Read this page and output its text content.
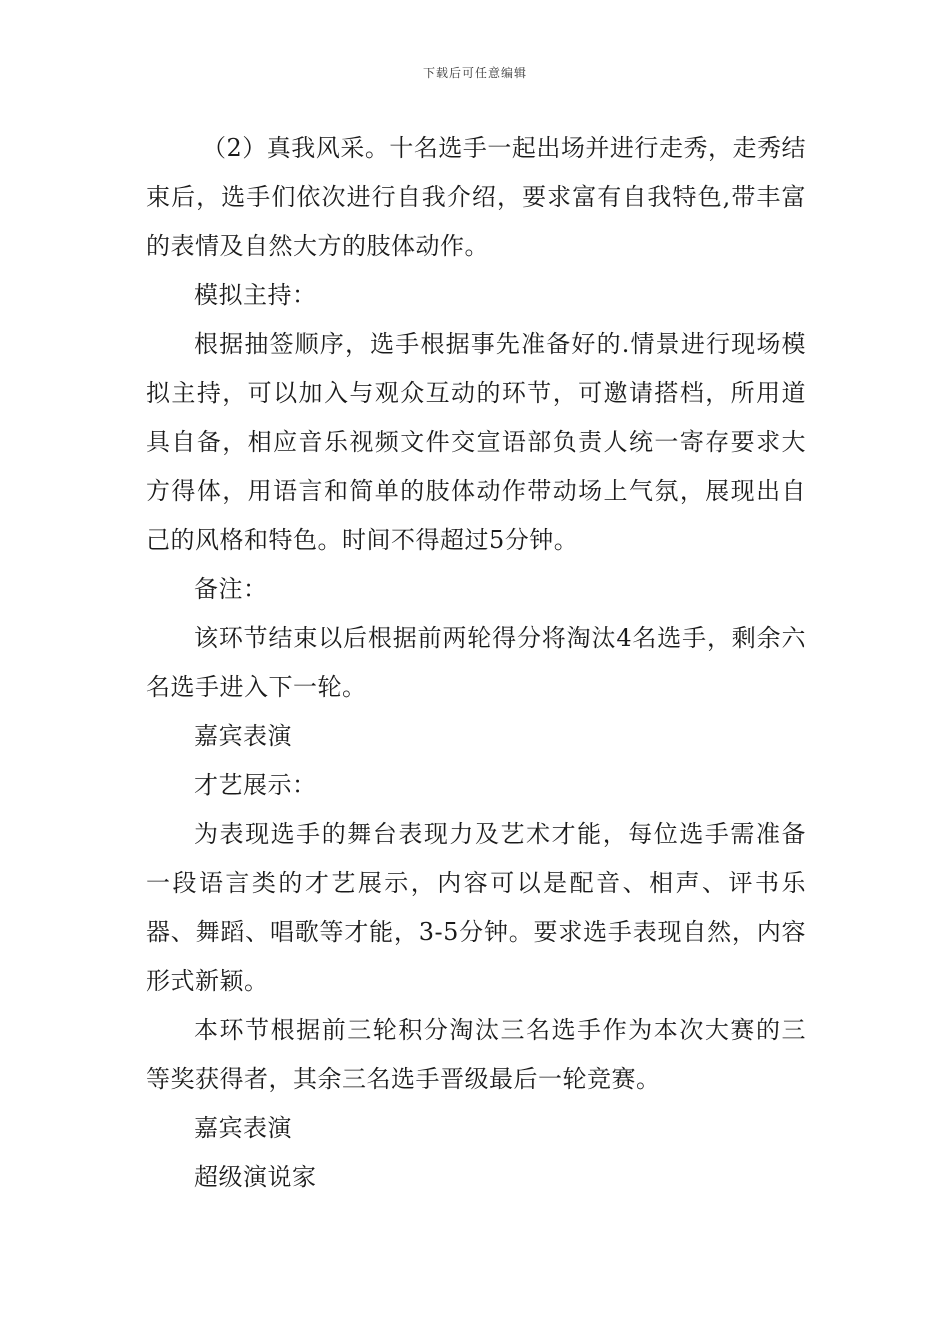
下载后可任意编辑

（2）真我风采。十名选手一起出场并进行走秀，走秀结束后，选手们依次进行自我介绍，要求富有自我特色,带丰富的表情及自然大方的肢体动作。

模拟主持：

根据抽签顺序，选手根据事先准备好的.情景进行现场模拟主持，可以加入与观众互动的环节，可邀请搭档，所用道具自备，相应音乐视频文件交宣语部负责人统一寄存要求大方得体，用语言和简单的肢体动作带动场上气氛，展现出自己的风格和特色。时间不得超过5分钟。

备注：

该环节结束以后根据前两轮得分将淘汰4名选手，剩余六名选手进入下一轮。

嘉宾表演

才艺展示：

为表现选手的舞台表现力及艺术才能，每位选手需准备一段语言类的才艺展示，内容可以是配音、相声、评书乐器、舞蹈、唱歌等才能，3-5分钟。要求选手表现自然，内容形式新颖。

本环节根据前三轮积分淘汰三名选手作为本次大赛的三等奖获得者，其余三名选手晋级最后一轮竞赛。

嘉宾表演

超级演说家
